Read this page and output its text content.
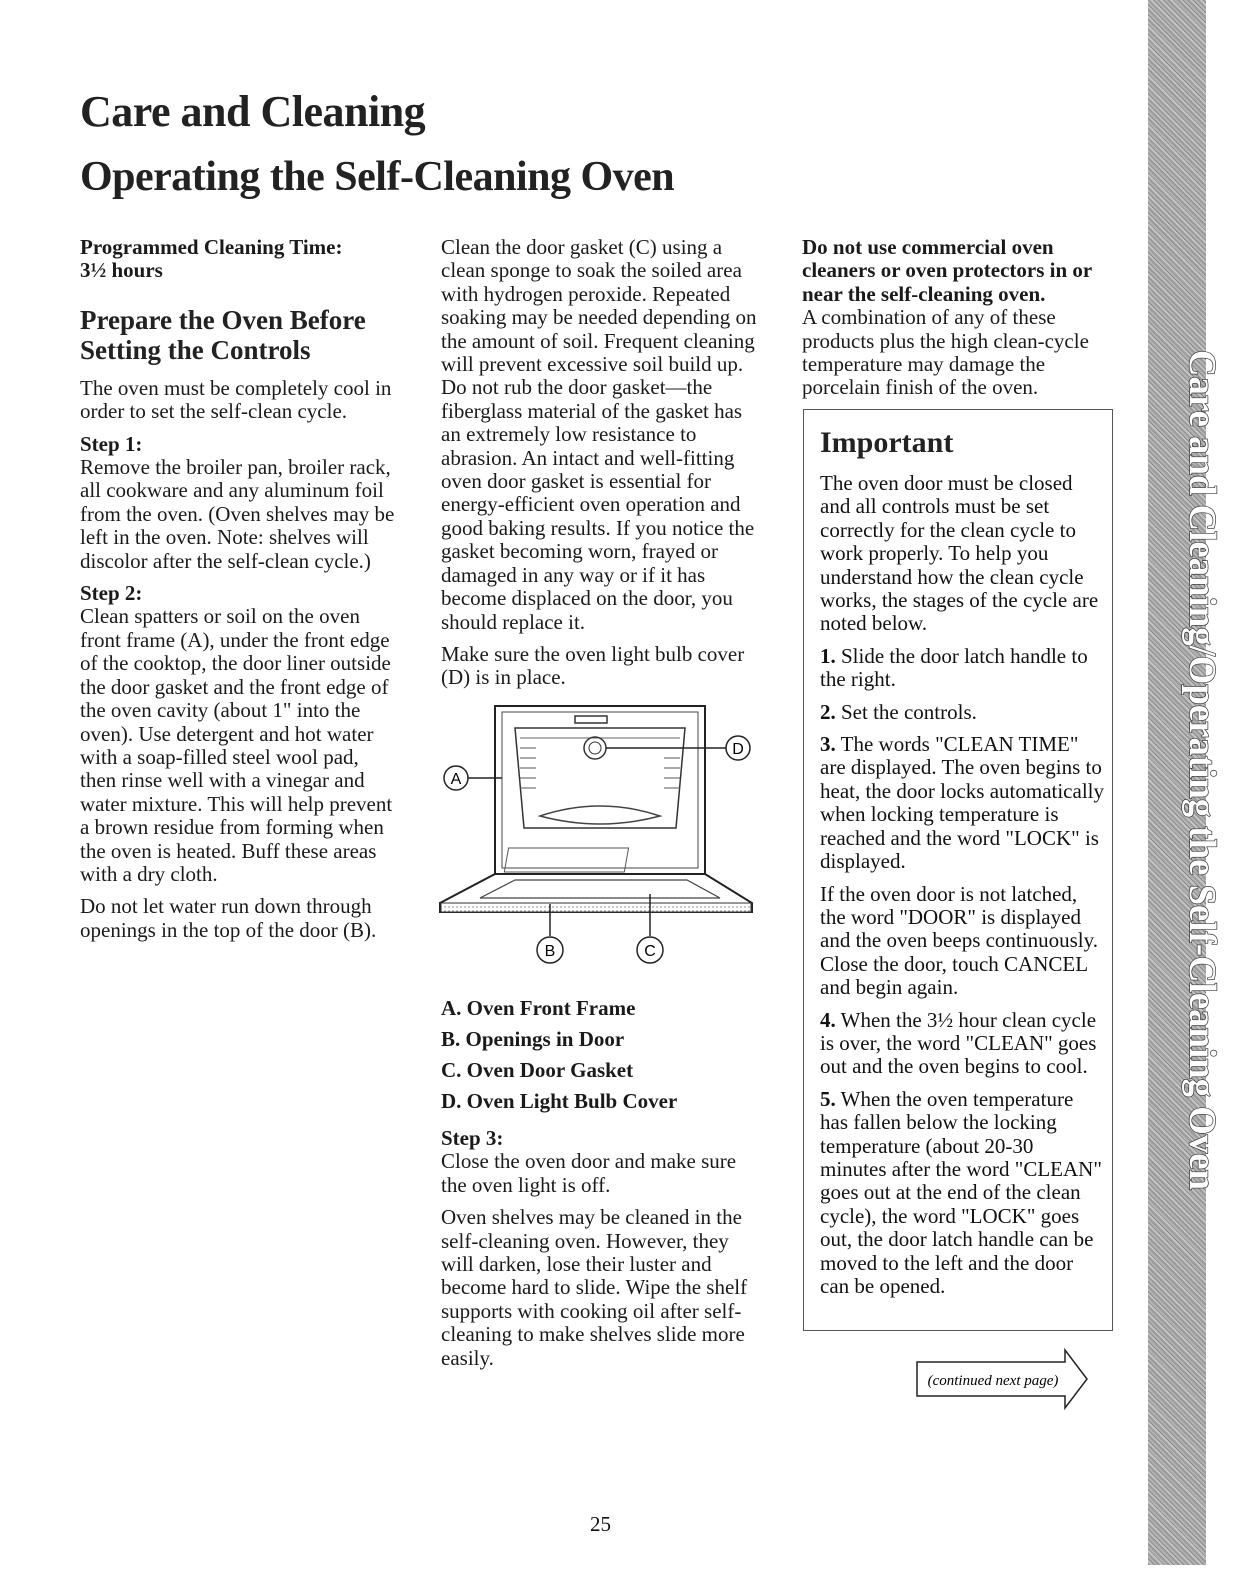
Care and Cleaning
Operating the Self-Cleaning Oven
Programmed Cleaning Time:
3½ hours
Prepare the Oven Before
Setting the Controls

The oven must be completely cool in order to set the self-clean cycle.

Step 1:

Remove the broiler pan, broiler rack, all cookware and any aluminum foil from the oven. (Oven shelves may be left in the oven. Note: shelves will discolor after the self-clean cycle.)

Step 2:

Clean spatters or soil on the oven front frame (A), under the front edge of the cooktop, the door liner outside the door gasket and the front edge of the oven cavity (about 1" into the oven). Use detergent and hot water with a soap-filled steel wool pad, then rinse well with a vinegar and water mixture. This will help prevent a brown residue from forming when the oven is heated. Buff these areas with a dry cloth.

Do not let water run down through openings in the top of the door (B).

Clean the door gasket (C) using a clean sponge to soak the soiled area with hydrogen peroxide. Repeated soaking may be needed depending on the amount of soil. Frequent cleaning will prevent excessive soil build up. Do not rub the door gasket—the fiberglass material of the gasket has an extremely low resistance to abrasion. An intact and well-fitting oven door gasket is essential for energy-efficient oven operation and good baking results. If you notice the gasket becoming worn, frayed or damaged in any way or if it has become displaced on the door, you should replace it.

Make sure the oven light bulb cover (D) is in place.

A
D
B	C

A. Oven Front Frame

B. Openings in Door

C. Oven Door Gasket

D. Oven Light Bulb Cover

Step 3:

Close the oven door and make sure the oven light is off.

Oven shelves may be cleaned in the self-cleaning oven. However, they will darken, lose their luster and become hard to slide. Wipe the shelf supports with cooking oil after self-cleaning to make shelves slide more easily.

Do not use commercial oven cleaners or oven protectors in or near the self-cleaning oven.

A combination of any of these products plus the high clean-cycle temperature may damage the porcelain finish of the oven.

Important

The oven door must be closed and all controls must be set correctly for the clean cycle to work properly. To help you understand how the clean cycle works, the stages of the cycle are noted below.

1. Slide the door latch handle to the right.

2. Set the controls.

3. The words "CLEAN TIME" are displayed. The oven begins to heat, the door locks automatically when locking temperature is reached and the word "LOCK" is displayed.

If the oven door is not latched, the word "DOOR" is displayed and the oven beeps continuously. Close the door, touch CANCEL and begin again.

4. When the 3½ hour clean cycle is over, the word "CLEAN" goes out and the oven begins to cool.

5. When the oven temperature has fallen below the locking temperature (about 20-30 minutes after the word "CLEAN" goes out at the end of the clean cycle), the word "LOCK" goes out, the door latch handle can be moved to the left and the door can be opened.

(continued next page)
Care and Cleaning/Operating the Self-Cleaning Oven
25
